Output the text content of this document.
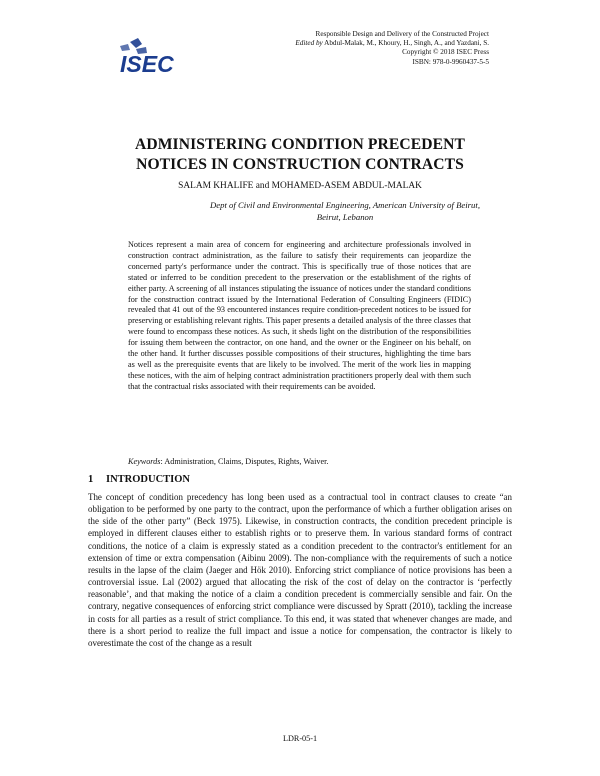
ISEC
Responsible Design and Delivery of the Constructed Project
Edited by Abdul-Malak, M., Khoury, H., Singh, A., and Yazdani, S.
Copyright © 2018 ISEC Press
ISBN: 978-0-9960437-5-5
ADMINISTERING CONDITION PRECEDENT
NOTICES IN CONSTRUCTION CONTRACTS
SALAM KHALIFE and MOHAMED-ASEM ABDUL-MALAK
Dept of Civil and Environmental Engineering, American University of Beirut, Beirut, Lebanon
Notices represent a main area of concern for engineering and architecture professionals involved in construction contract administration, as the failure to satisfy their requirements can jeopardize the concerned party's performance under the contract. This is specifically true of those notices that are stated or inferred to be condition precedent to the preservation or the establishment of the rights of either party. A screening of all instances stipulating the issuance of notices under the standard conditions for the construction contract issued by the International Federation of Consulting Engineers (FIDIC) revealed that 41 out of the 93 encountered instances require condition-precedent notices to be issued for preserving or establishing relevant rights. This paper presents a detailed analysis of the three classes that were found to encompass these notices. As such, it sheds light on the distribution of the responsibilities for issuing them between the contractor, on one hand, and the owner or the Engineer on his behalf, on the other hand. It further discusses possible compositions of their structures, highlighting the time bars as well as the prerequisite events that are likely to be involved. The merit of the work lies in mapping these notices, with the aim of helping contract administration practitioners properly deal with them such that the contractual risks associated with their requirements can be avoided.
Keywords: Administration, Claims, Disputes, Rights, Waiver.
1 INTRODUCTION
The concept of condition precedency has long been used as a contractual tool in contract clauses to create “an obligation to be performed by one party to the contract, upon the performance of which a further obligation arises on the side of the other party” (Beck 1975). Likewise, in construction contracts, the condition precedent principle is employed in different clauses either to establish rights or to preserve them. In various standard forms of contract conditions, the notice of a claim is expressly stated as a condition precedent to the contractor's entitlement for an extension of time or extra compensation (Aibinu 2009). The non-compliance with the requirements of such a notice results in the lapse of the claim (Jaeger and Hök 2010). Enforcing strict compliance of notice provisions has been a controversial issue. Lal (2002) argued that allocating the risk of the cost of delay on the contractor is ‘perfectly reasonable’, and that making the notice of a claim a condition precedent is commercially sensible and fair. On the contrary, negative consequences of enforcing strict compliance were discussed by Spratt (2010), tackling the increase in costs for all parties as a result of strict compliance. To this end, it was stated that whenever changes are made, and there is a short period to realize the full impact and issue a notice for compensation, the contractor is likely to overestimate the cost of the change as a result
LDR-05-1
